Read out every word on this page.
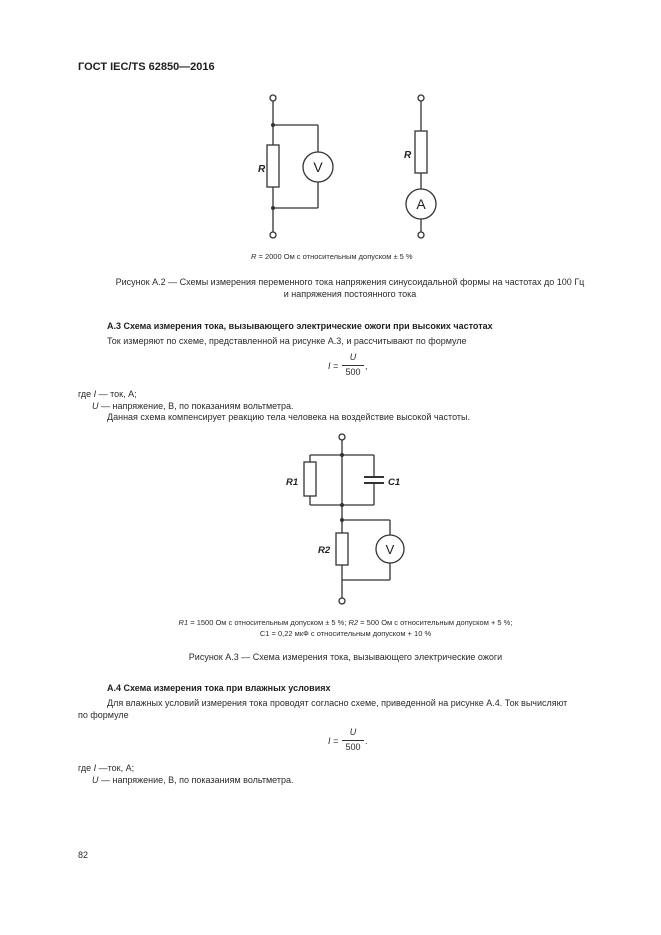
ГОСТ IEC/TS 62850—2016
R	V
R
A
R = 2000 Ом с относительным допуском ± 5 %
Рисунок А.2 — Схемы измерения переменного тока напряжения синусоидальной формы на частотах до 100 Гц
и напряжения постоянного тока
А.3 Схема измерения тока, вызывающего электрические ожоги при высоких частотах
Ток измеряют по схеме, представленной на рисунке А.3, и рассчитывают по формуле
I =
U
500
,
где I — ток, А;
U — напряжение, В, по показаниям вольтметра.
Данная схема компенсирует реакцию тела человека на воздействие высокой частоты.
R1	C1
R2	V
R1 = 1500 Ом с относительным допуском ± 5 %; R2 = 500 Ом с относительным допуском + 5 %;
С1 = 0,22 мкФ с относительным допуском + 10 %
Рисунок А.3 — Схема измерения тока, вызывающего электрические ожоги
А.4 Схема измерения тока при влажных условиях
Для влажных условий измерения тока проводят согласно схеме, приведенной на рисунке А.4. Ток вычисляют
по формуле
I =
U
500
.
где I —ток, А;
U — напряжение, В, по показаниям вольтметра.
82
